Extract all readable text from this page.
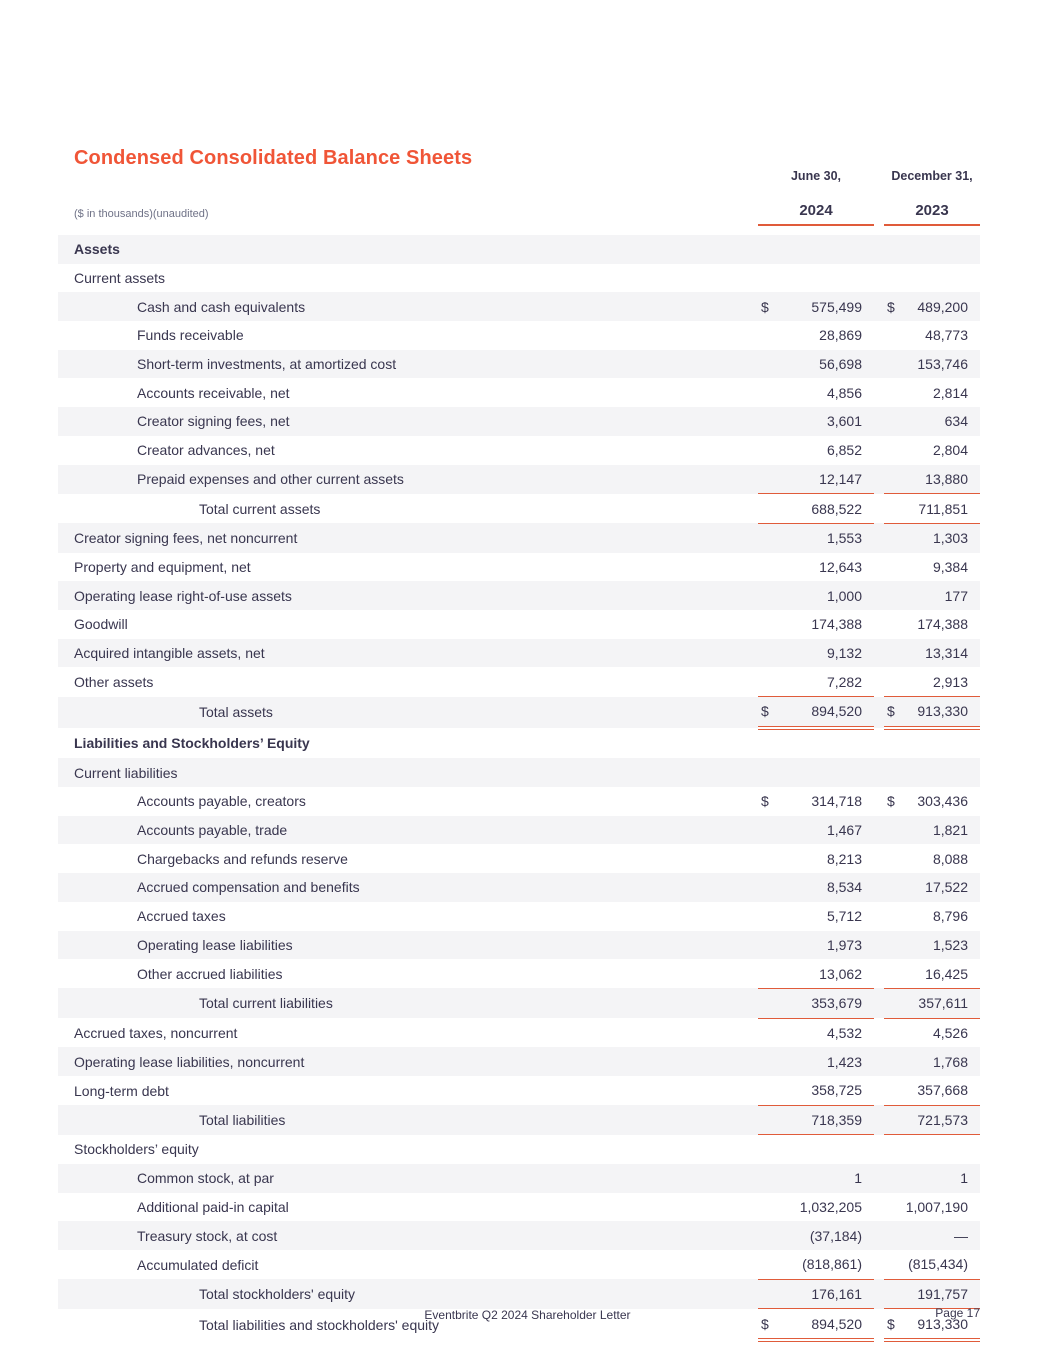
Condensed Consolidated Balance Sheets
	June 30,		December 31,
($ in thousands)(unaudited)	2024		2023

Assets			
Current assets			
Cash and cash equivalents	$ 575,499		$ 489,200
Funds receivable	28,869		48,773
Short-term investments, at amortized cost	56,698		153,746
Accounts receivable, net	4,856		2,814
Creator signing fees, net	3,601		634
Creator advances, net	6,852		2,804
Prepaid expenses and other current assets	12,147		13,880
Total current assets	688,522		711,851
Creator signing fees, net noncurrent	1,553		1,303
Property and equipment, net	12,643		9,384
Operating lease right-of-use assets	1,000		177
Goodwill	174,388		174,388
Acquired intangible assets, net	9,132		13,314
Other assets	7,282		2,913
Total assets	$ 894,520		$ 913,330
Liabilities and Stockholders’ Equity			
Current liabilities			
Accounts payable, creators	$ 314,718		$ 303,436
Accounts payable, trade	1,467		1,821
Chargebacks and refunds reserve	8,213		8,088
Accrued compensation and benefits	8,534		17,522
Accrued taxes	5,712		8,796
Operating lease liabilities	1,973		1,523
Other accrued liabilities	13,062		16,425
Total current liabilities	353,679		357,611
Accrued taxes, noncurrent	4,532		4,526
Operating lease liabilities, noncurrent	1,423		1,768
Long-term debt	358,725		357,668
Total liabilities	718,359		721,573
Stockholders’ equity			
Common stock, at par	1		1
Additional paid-in capital	1,032,205		1,007,190
Treasury stock, at cost	(37,184)		—
Accumulated deficit	(818,861)		(815,434)
Total stockholders' equity	176,161		191,757
Total liabilities and stockholders' equity	$ 894,520		$ 913,330
Eventbrite Q2 2024 Shareholder Letter	Page 17
